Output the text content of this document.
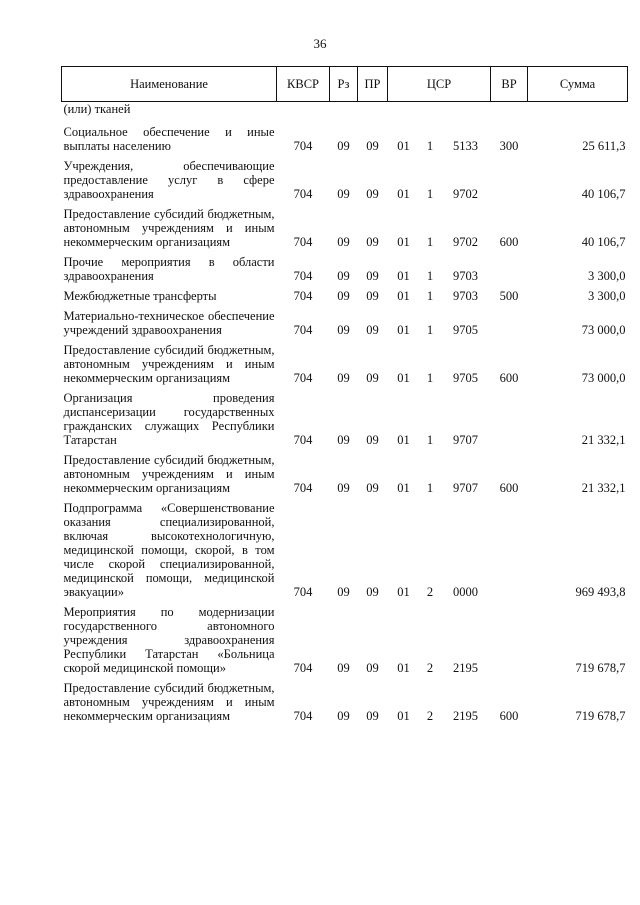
36
Наименование	КВСР	Рз	ПР	ЦСР			ВР	Сумма
(или) тканей								
Социальное обеспечение и иные выплаты населению	704	09	09	01	1	5133	300	25 611,3
Учреждения, обеспечивающие предоставление услуг в сфере здравоохранения	704	09	09	01	1	9702		40 106,7
Предоставление субсидий бюджетным, автономным учреждениям и иным некоммерческим организациям	704	09	09	01	1	9702	600	40 106,7
Прочие мероприятия в области здравоохранения	704	09	09	01	1	9703		3 300,0
Межбюджетные трансферты	704	09	09	01	1	9703	500	3 300,0
Материально-техническое обеспечение учреждений здравоохранения	704	09	09	01	1	9705		73 000,0
Предоставление субсидий бюджетным, автономным учреждениям и иным некоммерческим организациям	704	09	09	01	1	9705	600	73 000,0
Организация проведения диспансеризации государственных гражданских служащих Республики Татарстан	704	09	09	01	1	9707		21 332,1
Предоставление субсидий бюджетным, автономным учреждениям и иным некоммерческим организациям	704	09	09	01	1	9707	600	21 332,1
Подпрограмма «Совершенствование оказания специализированной, включая высокотехнологичную, медицинской помощи, скорой, в том числе скорой специализированной, медицинской помощи, медицинской эвакуации»	704	09	09	01	2	0000		969 493,8
Мероприятия по модернизации государственного автономного учреждения здравоохранения Республики Татарстан «Больница скорой медицинской помощи»	704	09	09	01	2	2195		719 678,7
Предоставление субсидий бюджетным, автономным учреждениям и иным некоммерческим организациям	704	09	09	01	2	2195	600	719 678,7
